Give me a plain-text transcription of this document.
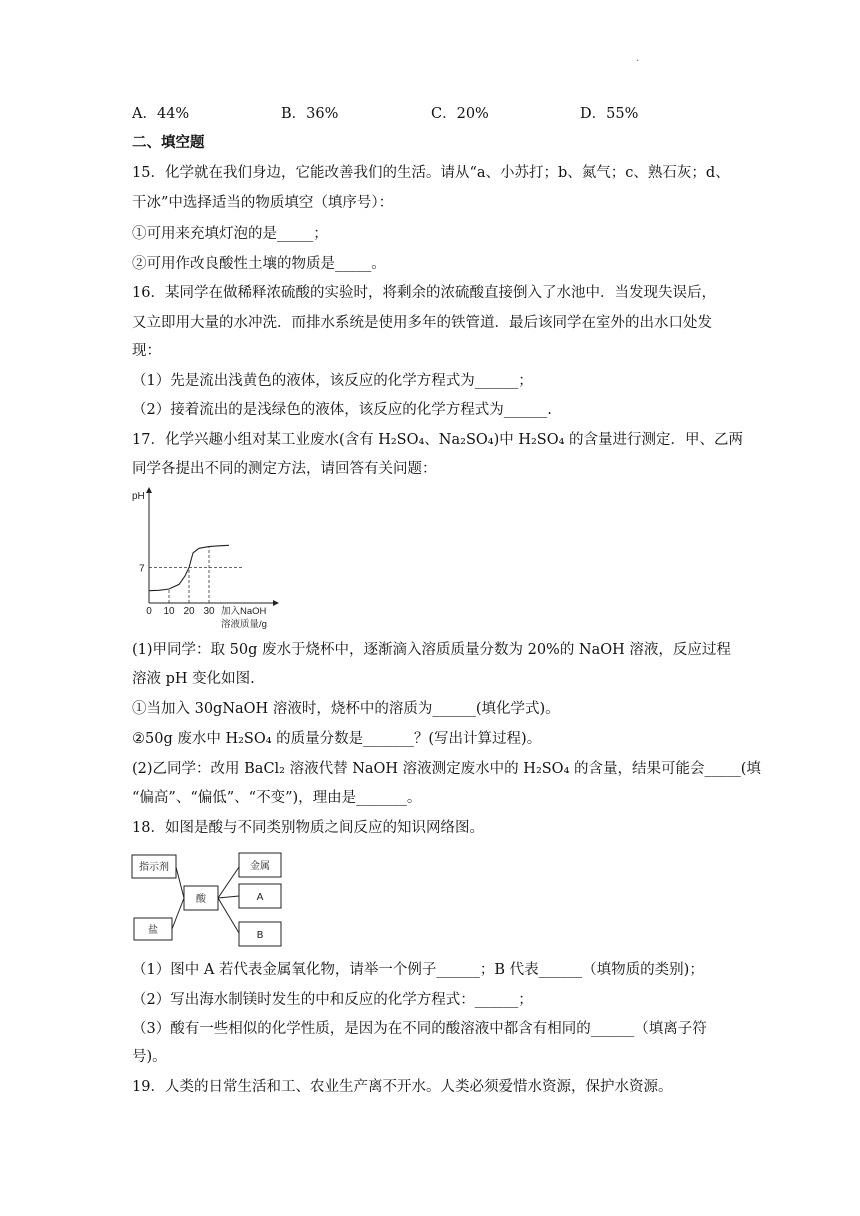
·
A．44%	B．36%	C．20%	D．55%
二、填空题
15．化学就在我们身边，它能改善我们的生活。请从“a、小苏打；b、氮气；c、熟石灰；d、
干冰”中选择适当的物质填空（填序号）：
①可用来充填灯泡的是_____；
②可用作改良酸性土壤的物质是_____。
16．某同学在做稀释浓硫酸的实验时，将剩余的浓硫酸直接倒入了水池中．当发现失误后，
又立即用大量的水冲洗．而排水系统是使用多年的铁管道．最后该同学在室外的出水口处发
现：
（1）先是流出浅黄色的液体，该反应的化学方程式为______；
（2）接着流出的是浅绿色的液体，该反应的化学方程式为______.
17．化学兴趣小组对某工业废水(含有 H₂SO₄、Na₂SO₄)中 H₂SO₄ 的含量进行测定．甲、乙两
同学各提出不同的测定方法，请回答有关问题：
pH
7
0 10 20 30 加入NaOH
溶液质量/g
(1)甲同学：取 50g 废水于烧杯中，逐渐滴入溶质质量分数为 20%的 NaOH 溶液，反应过程
溶液 pH 变化如图.
①当加入 30gNaOH 溶液时，烧杯中的溶质为______(填化学式)。
②50g 废水中 H₂SO₄ 的质量分数是_______？(写出计算过程)。
(2)乙同学：改用 BaCl₂ 溶液代替 NaOH 溶液测定废水中的 H₂SO₄ 的含量，结果可能会_____(填
“偏高”、“偏低”、“不变”)，理由是_______。
18．如图是酸与不同类别物质之间反应的知识网络图。
指示剂	金属
酸	A
盐	B
（1）图中 A 若代表金属氧化物，请举一个例子______；B 代表______（填物质的类别)；
（2）写出海水制镁时发生的中和反应的化学方程式：______；
（3）酸有一些相似的化学性质，是因为在不同的酸溶液中都含有相同的______（填离子符
号)。
19．人类的日常生活和工、农业生产离不开水。人类必须爱惜水资源，保护水资源。
